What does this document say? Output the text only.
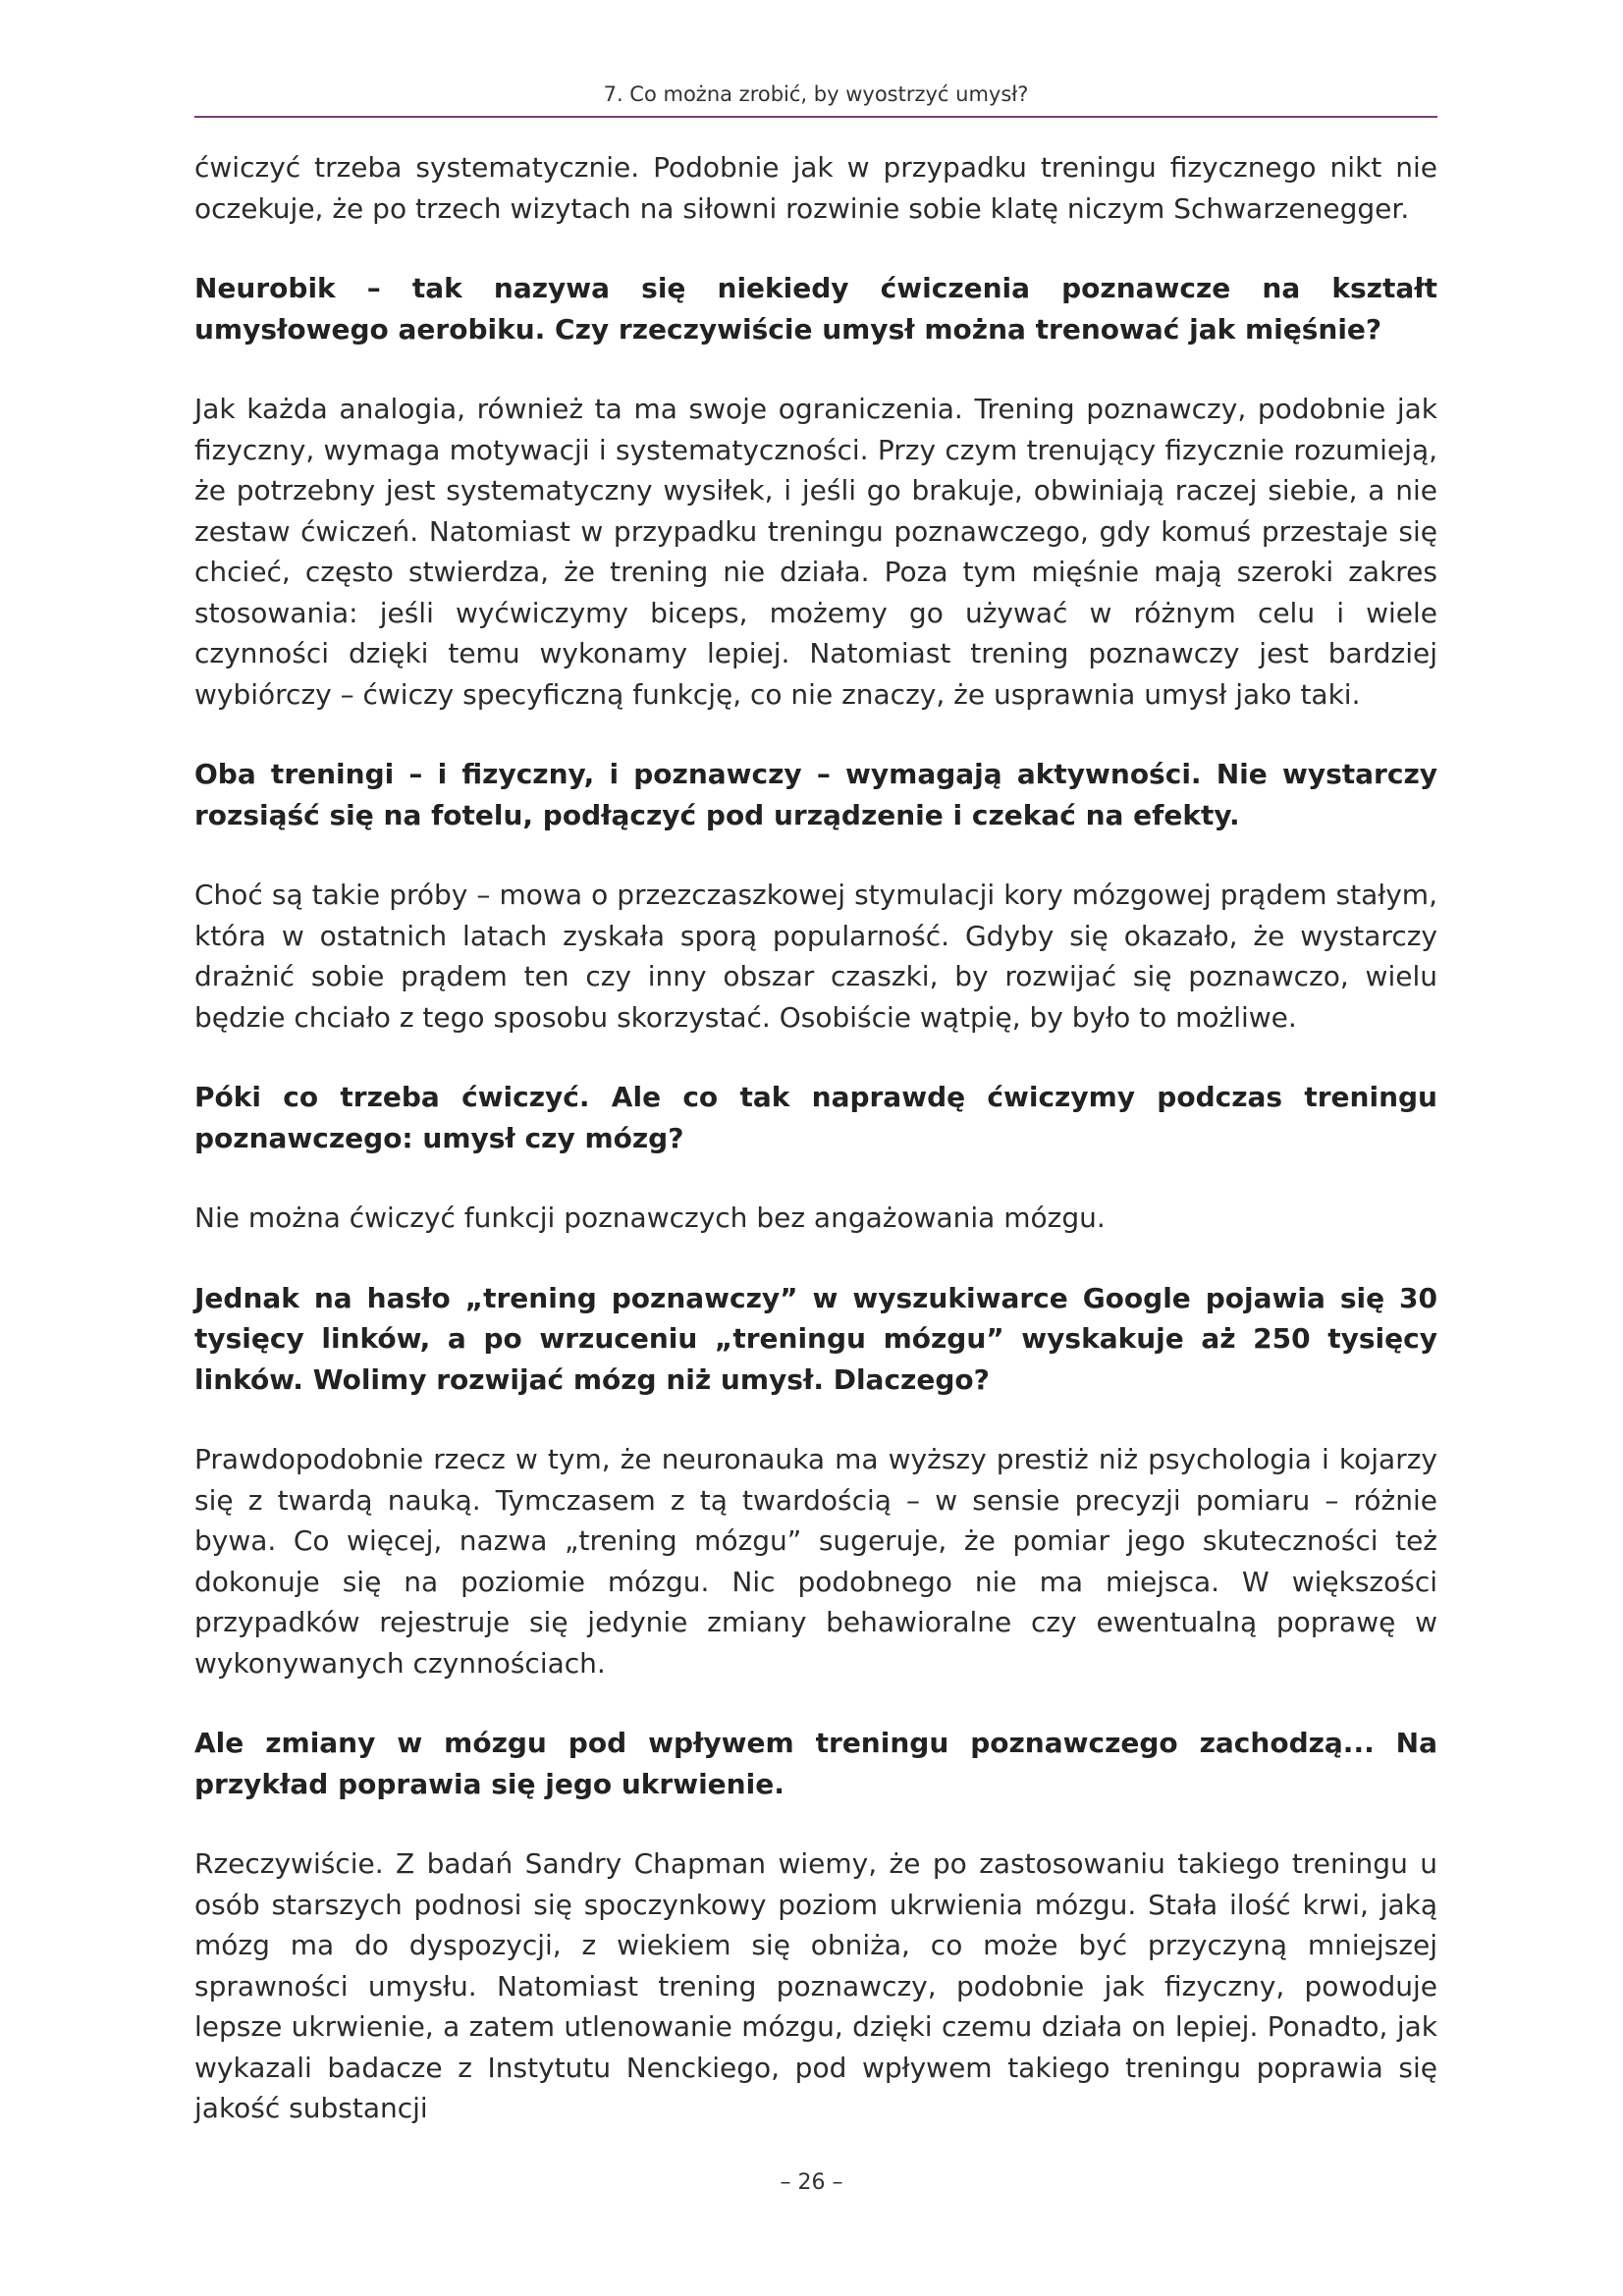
7. Co można zrobić, by wyostrzyć umysł?

ćwiczyć trzeba systematycznie. Podobnie jak w przypadku treningu fizycznego nikt nie oczekuje, że po trzech wizytach na siłowni rozwinie sobie klatę niczym Schwarzenegger.

Neurobik – tak nazywa się niekiedy ćwiczenia poznawcze na kształt umysłowego aerobiku. Czy rzeczywiście umysł można trenować jak mięśnie?

Jak każda analogia, również ta ma swoje ograniczenia. Trening poznawczy, podobnie jak fizyczny, wymaga motywacji i systematyczności. Przy czym trenujący fizycznie rozumieją, że potrzebny jest systematyczny wysiłek, i jeśli go brakuje, obwiniają raczej siebie, a nie zestaw ćwiczeń. Natomiast w przypadku treningu poznawczego, gdy komuś przestaje się chcieć, często stwierdza, że trening nie działa. Poza tym mięśnie mają szeroki zakres stosowania: jeśli wyćwiczymy biceps, możemy go używać w różnym celu i wiele czynności dzięki temu wykonamy lepiej. Natomiast trening poznawczy jest bardziej wybiórczy – ćwiczy specyficzną funkcję, co nie znaczy, że usprawnia umysł jako taki.

Oba treningi – i fizyczny, i poznawczy – wymagają aktywności. Nie wystarczy rozsiąść się na fotelu, podłączyć pod urządzenie i czekać na efekty.

Choć są takie próby – mowa o przezczaszkowej stymulacji kory mózgowej prądem stałym, która w ostatnich latach zyskała sporą popularność. Gdyby się okazało, że wystarczy drażnić sobie prądem ten czy inny obszar czaszki, by rozwijać się poznawczo, wielu będzie chciało z tego sposobu skorzystać. Osobiście wątpię, by było to możliwe.

Póki co trzeba ćwiczyć. Ale co tak naprawdę ćwiczymy podczas treningu poznawczego: umysł czy mózg?

Nie można ćwiczyć funkcji poznawczych bez angażowania mózgu.

Jednak na hasło „trening poznawczy” w wyszukiwarce Google pojawia się 30 tysięcy linków, a po wrzuceniu „treningu mózgu” wyskakuje aż 250 tysięcy linków. Wolimy rozwijać mózg niż umysł. Dlaczego?

Prawdopodobnie rzecz w tym, że neuronauka ma wyższy prestiż niż psychologia i kojarzy się z twardą nauką. Tymczasem z tą twardością – w sensie precyzji pomiaru – różnie bywa. Co więcej, nazwa „trening mózgu” sugeruje, że pomiar jego skuteczności też dokonuje się na poziomie mózgu. Nic podobnego nie ma miejsca. W większości przypadków rejestruje się jedynie zmiany behawioralne czy ewentualną poprawę w wykonywanych czynnościach.

Ale zmiany w mózgu pod wpływem treningu poznawczego zachodzą... Na przykład poprawia się jego ukrwienie.

Rzeczywiście. Z badań Sandry Chapman wiemy, że po zastosowaniu takiego treningu u osób starszych podnosi się spoczynkowy poziom ukrwienia mózgu. Stała ilość krwi, jaką mózg ma do dyspozycji, z wiekiem się obniża, co może być przyczyną mniejszej sprawności umysłu. Natomiast trening poznawczy, podobnie jak fizyczny, powoduje lepsze ukrwienie, a zatem utlenowanie mózgu, dzięki czemu działa on lepiej. Ponadto, jak wykazali badacze z Instytutu Nenckiego, pod wpływem takiego treningu poprawia się jakość substancji

– 26 –
